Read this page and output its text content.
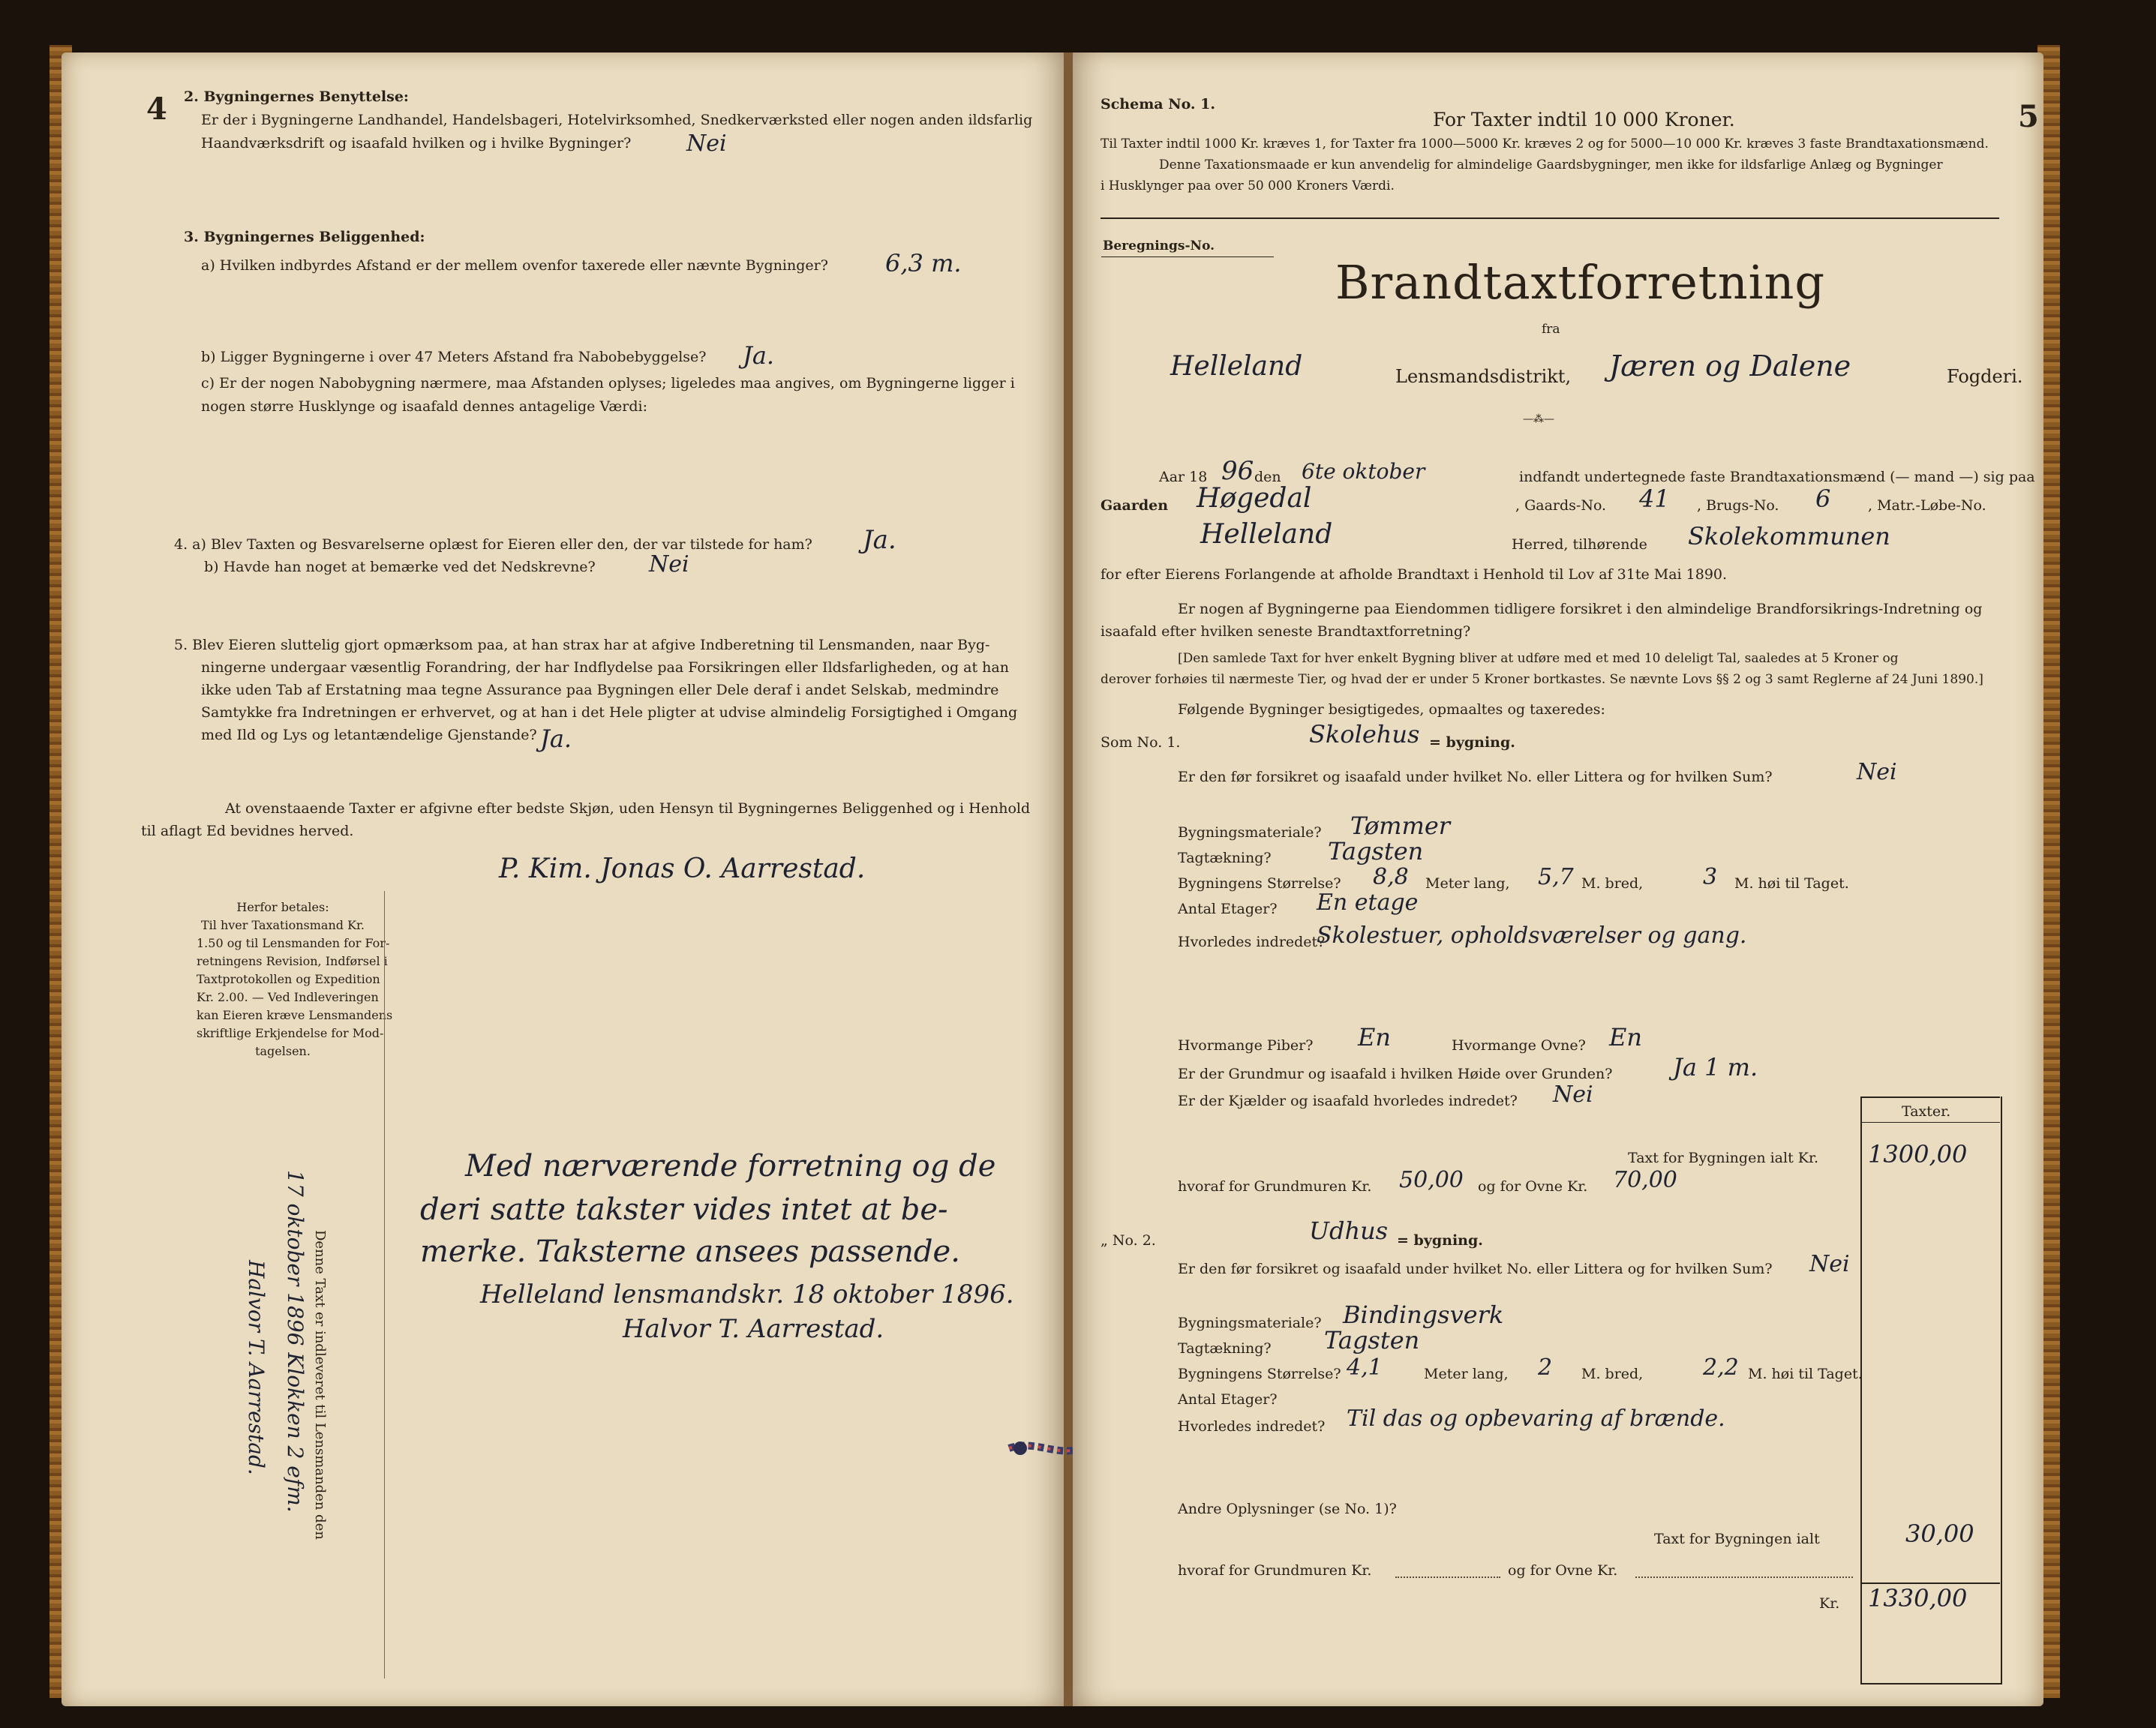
4 2. Bygningernes Benyttelse:
Er der i Bygningerne Landhandel, Handelsbageri, Hotelvirksomhed, Snedkerværksted eller nogen anden ildsfarlig
Haandværksdrift og isaafald hvilken og i hvilke Bygninger? Nei
3. Bygningernes Beliggenhed:
a) Hvilken indbyrdes Afstand er der mellem ovenfor taxerede eller nævnte Bygninger? 6,3 m.
b) Ligger Bygningerne i over 47 Meters Afstand fra Nabobebyggelse? Ja.
c) Er der nogen Nabobygning nærmere, maa Afstanden oplyses; ligeledes maa angives, om Bygningerne ligger i
nogen større Husklynge og isaafald dennes antagelige Værdi:
4. a) Blev Taxten og Besvarelserne oplæst for Eieren eller den, der var tilstede for ham? Ja.
b) Havde han noget at bemærke ved det Nedskrevne? Nei
5. Blev Eieren sluttelig gjort opmærksom paa, at han strax har at afgive Indberetning til Lensmanden, naar Byg-
ningerne undergaar væsentlig Forandring, der har Indflydelse paa Forsikringen eller Ildsfarligheden, og at han
ikke uden Tab af Erstatning maa tegne Assurance paa Bygningen eller Dele deraf i andet Selskab, medmindre
Samtykke fra Indretningen er erhvervet, og at han i det Hele pligter at udvise almindelig Forsigtighed i Omgang
med Ild og Lys og letantændelige Gjenstande? Ja.
At ovenstaaende Taxter er afgivne efter bedste Skjøn, uden Hensyn til Bygningernes Beliggenhed og i Henhold
til aflagt Ed bevidnes herved.
P. Kim. Jonas O. Aarrestad.
Herfor betales:
Til hver Taxationsmand Kr.
1.50 og til Lensmanden for For-
retningens Revision, Indførsel i
Taxtprotokollen og Expedition
Kr. 2.00. — Ved Indleveringen
kan Eieren kræve Lensmandens
skriftlige Erkjendelse for Mod-
tagelsen.
Med nærværende forretning og de
deri satte takster vides intet at be-
merke. Taksterne ansees passende.
Helleland lensmandskr. 18 oktober 1896.
Halvor T. Aarrestad.
Denne Taxt er indleveret til Lensmanden den
17 oktober 1896 Klokken 2 efm.
Halvor T. Aarrestad.
Schema No. 1.
For Taxter indtil 10 000 Kroner.	5
Til Taxter indtil 1000 Kr. kræves 1, for Taxter fra 1000—5000 Kr. kræves 2 og for 5000—10 000 Kr. kræves 3 faste Brandtaxationsmænd.
Denne Taxationsmaade er kun anvendelig for almindelige Gaardsbygninger, men ikke for ildsfarlige Anlæg og Bygninger
i Husklynger paa over 50 000 Kroners Værdi.
Beregnings-No.
Brandtaxtforretning
fra
Helleland	Lensmandsdistrikt, Jæren og Dalene	Fogderi.
—⁂—
Aar 18 96 den 6te oktober	indfandt undertegnede faste Brandtaxationsmænd (— mand —) sig paa
Gaarden Høgedal	, Gaards-No. 41 , Brugs-No. 6	, Matr.-Løbe-No.
Helleland	Herred, tilhørende Skolekommunen
for efter Eierens Forlangende at afholde Brandtaxt i Henhold til Lov af 31te Mai 1890.
Er nogen af Bygningerne paa Eiendommen tidligere forsikret i den almindelige Brandforsikrings-Indretning og
isaafald efter hvilken seneste Brandtaxtforretning?
[Den samlede Taxt for hver enkelt Bygning bliver at udføre med et med 10 deleligt Tal, saaledes at 5 Kroner og
derover forhøies til nærmeste Tier, og hvad der er under 5 Kroner bortkastes. Se nævnte Lovs §§ 2 og 3 samt Reglerne af 24 Juni 1890.]
Følgende Bygninger besigtigedes, opmaaltes og taxeredes:
Som No. 1.	Skolehus = bygning.
Er den før forsikret og isaafald under hvilket No. eller Littera og for hvilken Sum?	Nei
Bygningsmateriale? Tømmer
Tagtækning? Tagsten
Bygningens Størrelse? 8,8 Meter lang, 5,7 M. bred,	3 M. høi til Taget.
Antal Etager? En etage
Hvorledes indredet?
Skolestuer, opholdsværelser og gang.
Hvormange Piber? En	Hvormange Ovne? En
Er der Grundmur og isaafald i hvilken Høide over Grunden?	Ja 1 m.
Er der Kjælder og isaafald hvorledes indredet? Nei
Taxter.
Taxt for Bygningen ialt Kr. 1300,00
hvoraf for Grundmuren Kr. 50,00 og for Ovne Kr. 70,00
„ No. 2.	Udhus = bygning.
Er den før forsikret og isaafald under hvilket No. eller Littera og for hvilken Sum? Nei
Bygningsmateriale? Bindingsverk
Tagtækning? Tagsten
Bygningens Størrelse? 4,1	Meter lang, 2 M. bred,	2,2 M. høi til Taget.
Antal Etager?
Hvorledes indredet? Til das og opbevaring af brænde.
Andre Oplysninger (se No. 1)?
Taxt for Bygningen ialt	30,00
hvoraf for Grundmuren Kr.	og for Ovne Kr.
Kr. 1330,00
